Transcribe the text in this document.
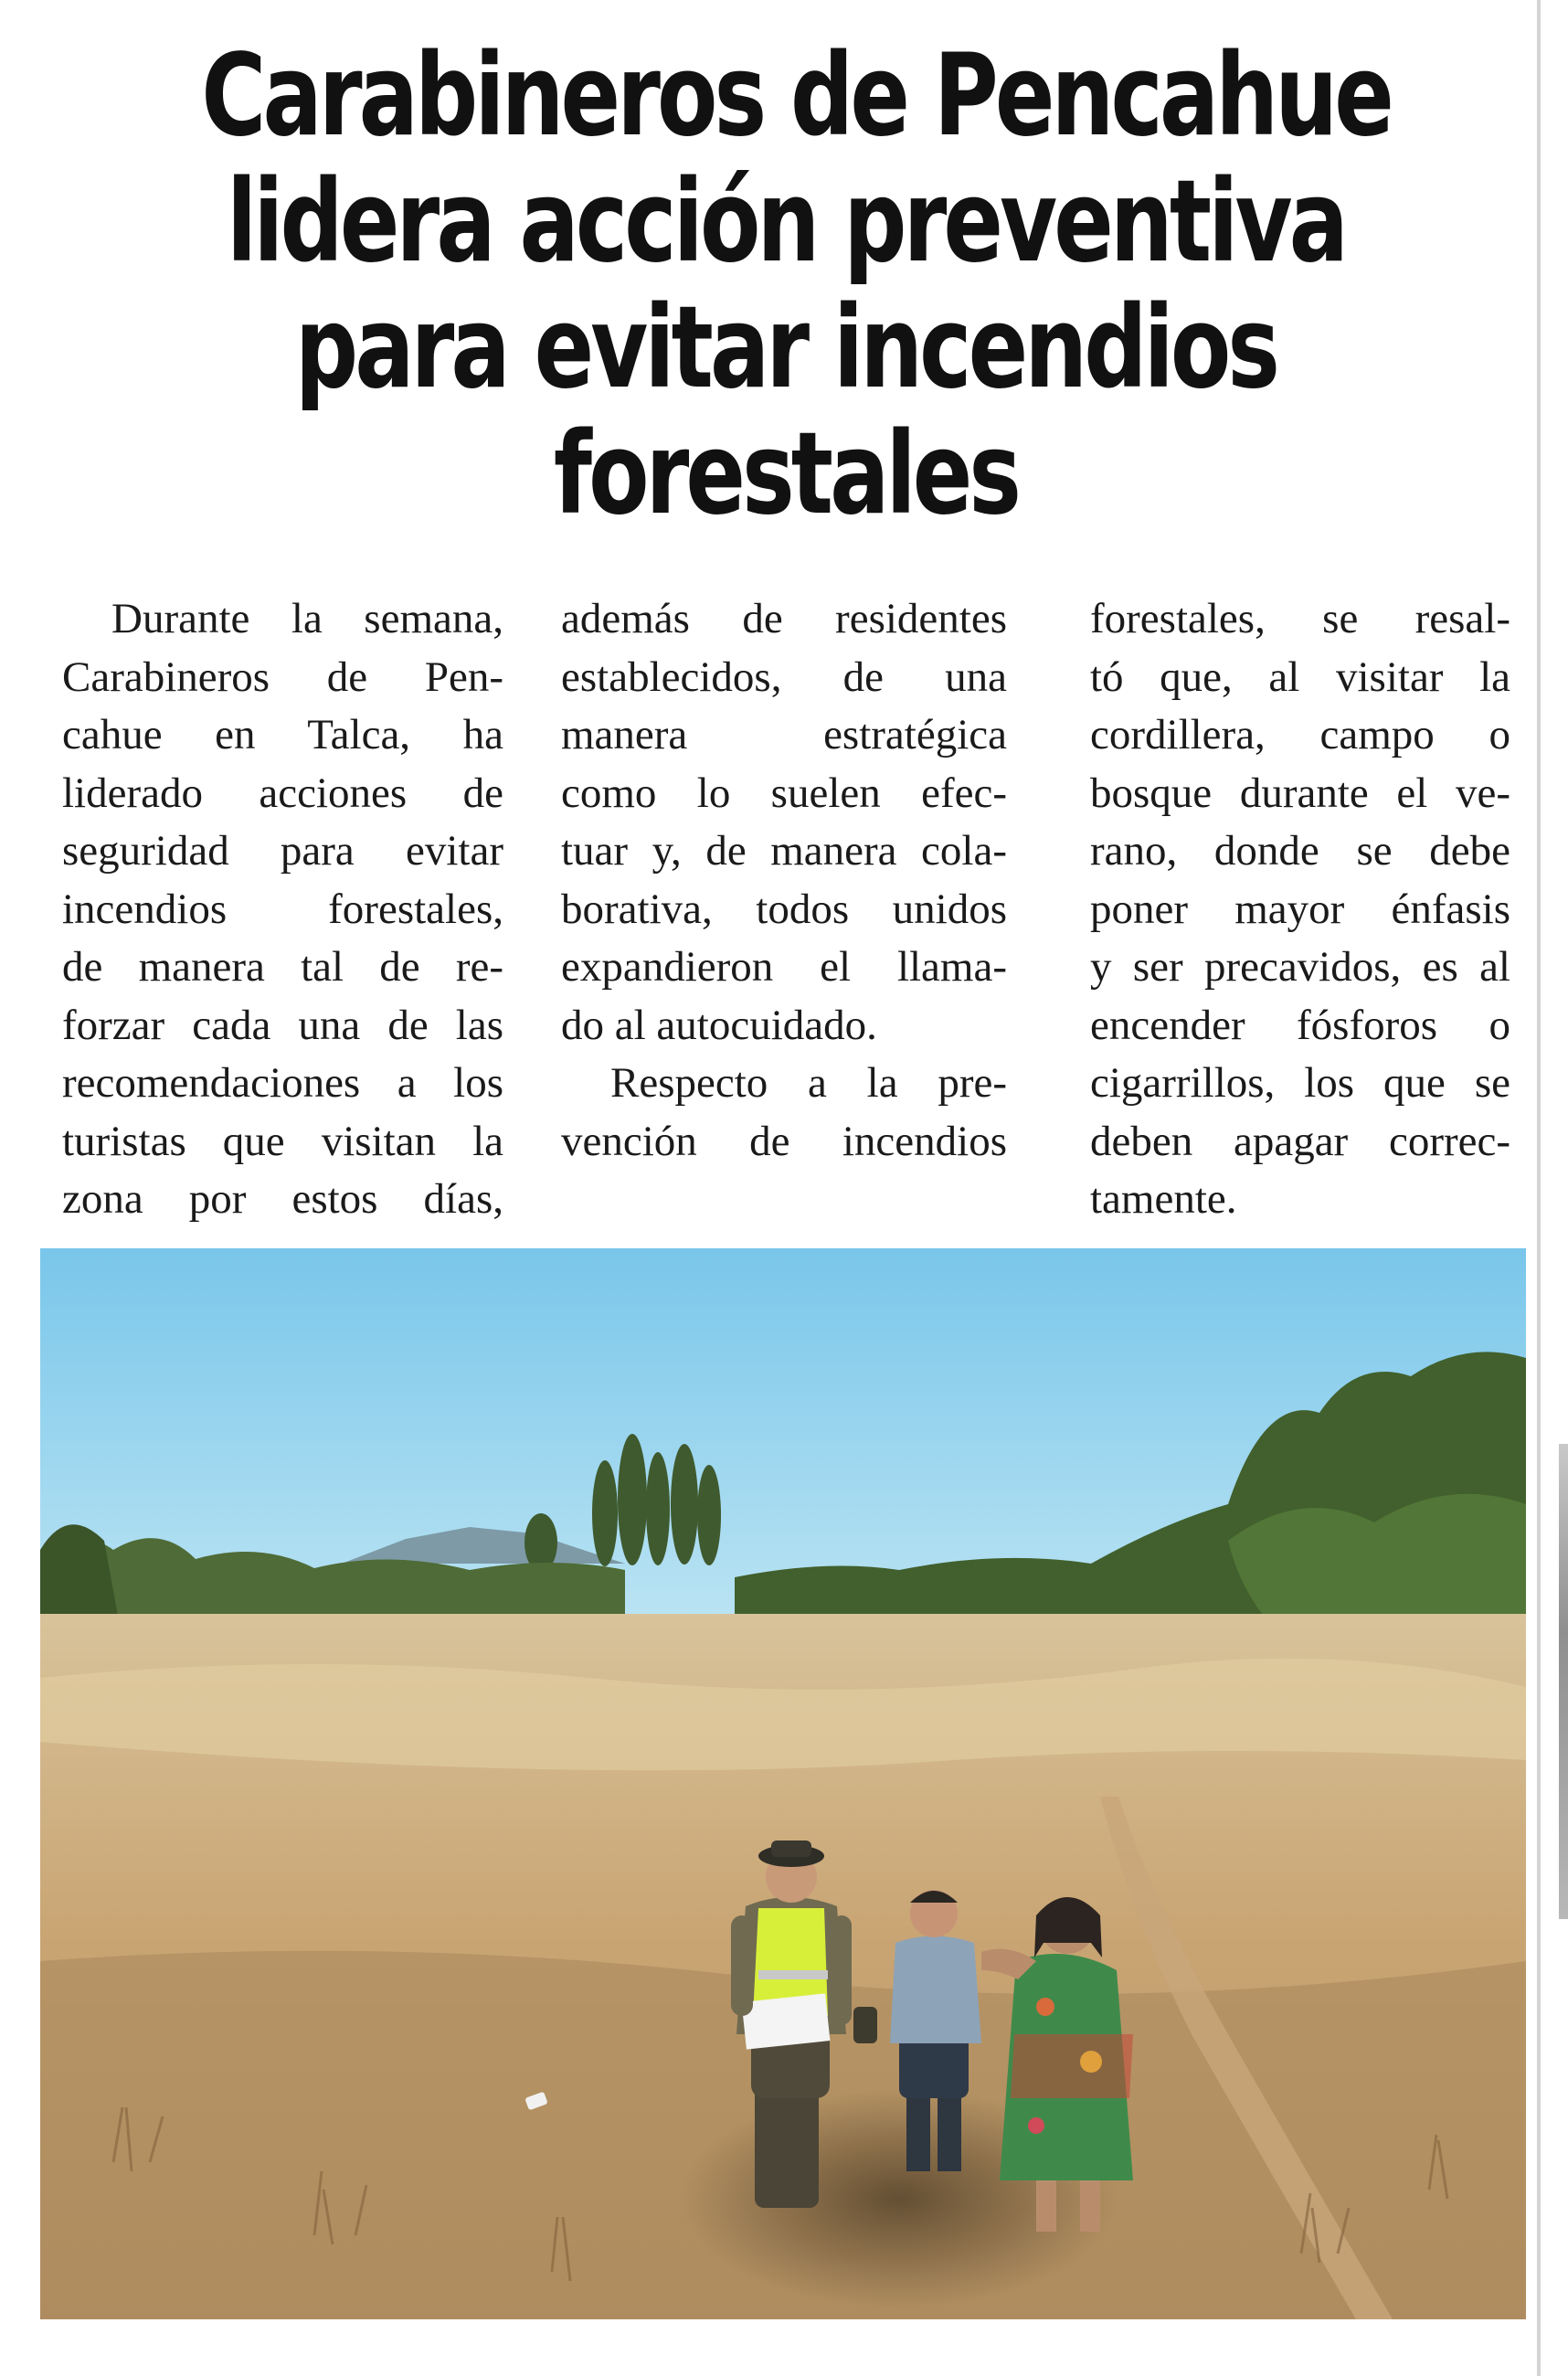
Carabineros de Pencahue
lidera acción preventiva
para evitar incendios
forestales
Durante la semana,
Carabineros de Pen-
cahue en Talca, ha
liderado acciones de
seguridad para evitar
incendios forestales,
de manera tal de re-
forzar cada una de las
recomendaciones a los
turistas que visitan la
zona por estos días,
además de residentes
establecidos, de una
manera estratégica
como lo suelen efec-
tuar y, de manera cola-
borativa, todos unidos
expandieron el llama-
do al autocuidado.
Respecto a la pre-
vención de incendios
forestales, se resal-
tó que, al visitar la
cordillera, campo o
bosque durante el ve-
rano, donde se debe
poner mayor énfasis
y ser precavidos, es al
encender fósforos o
cigarrillos, los que se
deben apagar correc-
tamente.
